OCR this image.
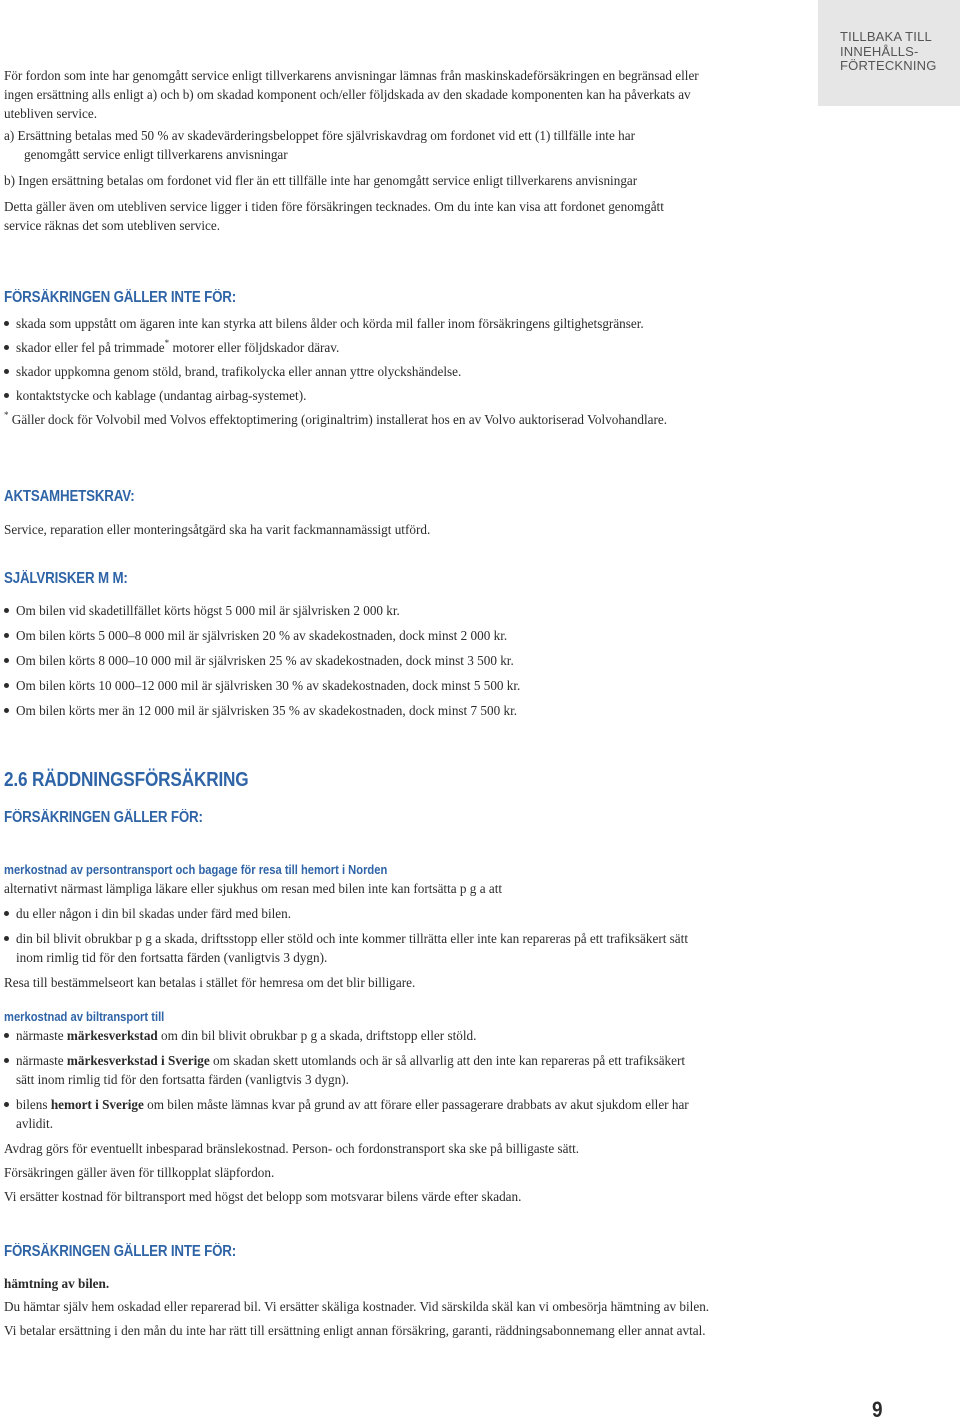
TILLBAKA TILL
INNEHÅLLS-
FÖRTECKNING

För fordon som inte har genomgått service enligt tillverkarens anvisningar lämnas från maskinskadeförsäkringen en begränsad eller ingen ersättning alls enligt a) och b) om skadad komponent och/eller följdskada av den skadade komponenten kan ha påverkats av utebliven service.

a) Ersättning betalas med 50 % av skadevärderingsbeloppet före självriskavdrag om fordonet vid ett (1) tillfälle inte har genomgått service enligt tillverkarens anvisningar

b) Ingen ersättning betalas om fordonet vid fler än ett tillfälle inte har genomgått service enligt tillverkarens anvisningar

Detta gäller även om utebliven service ligger i tiden före försäkringen tecknades. Om du inte kan visa att fordonet genomgått service räknas det som utebliven service.

FÖRSÄKRINGEN GÄLLER INTE FÖR:
skada som uppstått om ägaren inte kan styrka att bilens ålder och körda mil faller inom försäkringens giltighetsgränser.
skador eller fel på trimmade* motorer eller följdskador därav.
skador uppkomna genom stöld, brand, trafikolycka eller annan yttre olyckshändelse.
kontaktstycke och kablage (undantag airbag-systemet).

* Gäller dock för Volvobil med Volvos effektoptimering (originaltrim) installerat hos en av Volvo auktoriserad Volvohandlare.

AKTSAMHETSKRAV:

Service, reparation eller monteringsåtgärd ska ha varit fackmannamässigt utförd.

SJÄLVRISKER M M:
Om bilen vid skadetillfället körts högst 5 000 mil är självrisken 2 000 kr.
Om bilen körts 5 000–8 000 mil är självrisken 20 % av skadekostnaden, dock minst 2 000 kr.
Om bilen körts 8 000–10 000 mil är självrisken 25 % av skadekostnaden, dock minst 3 500 kr.
Om bilen körts 10 000–12 000 mil är självrisken 30 % av skadekostnaden, dock minst 5 500 kr.
Om bilen körts mer än 12 000 mil är självrisken 35 % av skadekostnaden, dock minst 7 500 kr.
2.6 RÄDDNINGSFÖRSÄKRING
FÖRSÄKRINGEN GÄLLER FÖR:
merkostnad av persontransport och bagage för resa till hemort i Norden

alternativt närmast lämpliga läkare eller sjukhus om resan med bilen inte kan fortsätta p g a att

du eller någon i din bil skadas under färd med bilen.
din bil blivit obrukbar p g a skada, driftsstopp eller stöld och inte kommer tillrätta eller inte kan repareras på ett trafiksäkert sätt inom rimlig tid för den fortsatta färden (vanligtvis 3 dygn).

Resa till bestämmelseort kan betalas i stället för hemresa om det blir billigare.

merkostnad av biltransport till
närmaste märkesverkstad om din bil blivit obrukbar p g a skada, driftstopp eller stöld.
närmaste märkesverkstad i Sverige om skadan skett utomlands och är så allvarlig att den inte kan repareras på ett trafiksäkert sätt inom rimlig tid för den fortsatta färden (vanligtvis 3 dygn).
bilens hemort i Sverige om bilen måste lämnas kvar på grund av att förare eller passagerare drabbats av akut sjukdom eller har avlidit.

Avdrag görs för eventuellt inbesparad bränslekostnad. Person- och fordonstransport ska ske på billigaste sätt.

Försäkringen gäller även för tillkopplat släpfordon.

Vi ersätter kostnad för biltransport med högst det belopp som motsvarar bilens värde efter skadan.

FÖRSÄKRINGEN GÄLLER INTE FÖR:

hämtning av bilen.

Du hämtar själv hem oskadad eller reparerad bil. Vi ersätter skäliga kostnader. Vid särskilda skäl kan vi ombesörja hämtning av bilen.

Vi betalar ersättning i den mån du inte har rätt till ersättning enligt annan försäkring, garanti, räddningsabonnemang eller annat avtal.

9
